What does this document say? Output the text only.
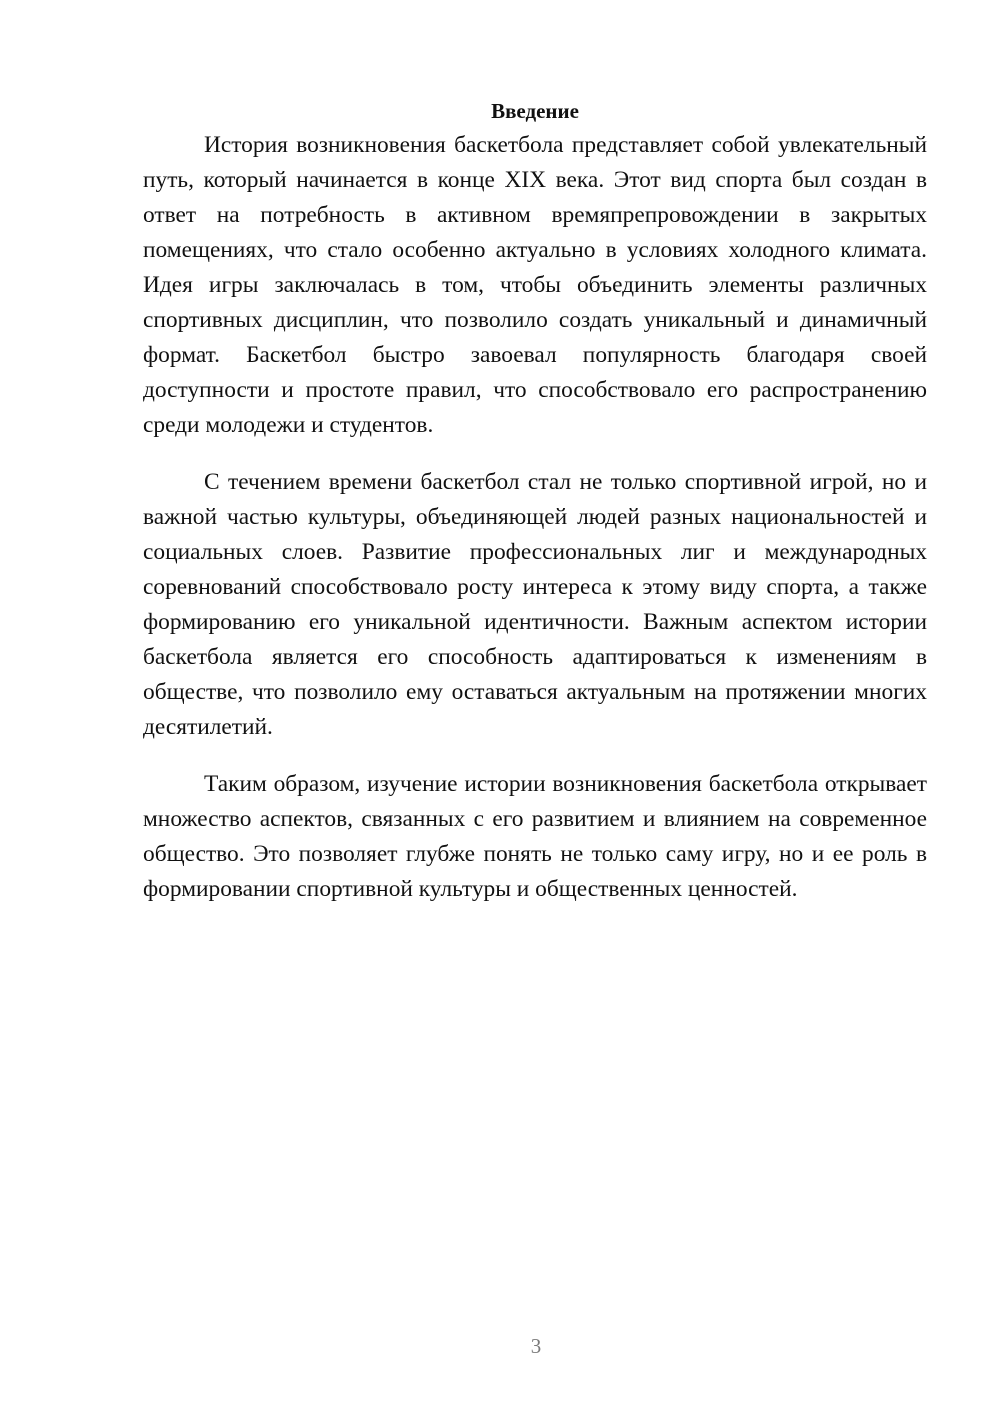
Введение

История возникновения баскетбола представляет собой увлекательный путь, который начинается в конце XIX века. Этот вид спорта был создан в ответ на потребность в активном времяпрепровождении в закрытых помещениях, что стало особенно актуально в условиях холодного климата. Идея игры заключалась в том, чтобы объединить элементы различных спортивных дисциплин, что позволило создать уникальный и динамичный формат. Баскетбол быстро завоевал популярность благодаря своей доступности и простоте правил, что способствовало его распространению среди молодежи и студентов.

С течением времени баскетбол стал не только спортивной игрой, но и важной частью культуры, объединяющей людей разных национальностей и социальных слоев. Развитие профессиональных лиг и международных соревнований способствовало росту интереса к этому виду спорта, а также формированию его уникальной идентичности. Важным аспектом истории баскетбола является его способность адаптироваться к изменениям в обществе, что позволило ему оставаться актуальным на протяжении многих десятилетий.

Таким образом, изучение истории возникновения баскетбола открывает множество аспектов, связанных с его развитием и влиянием на современное общество. Это позволяет глубже понять не только саму игру, но и ее роль в формировании спортивной культуры и общественных ценностей.

3
